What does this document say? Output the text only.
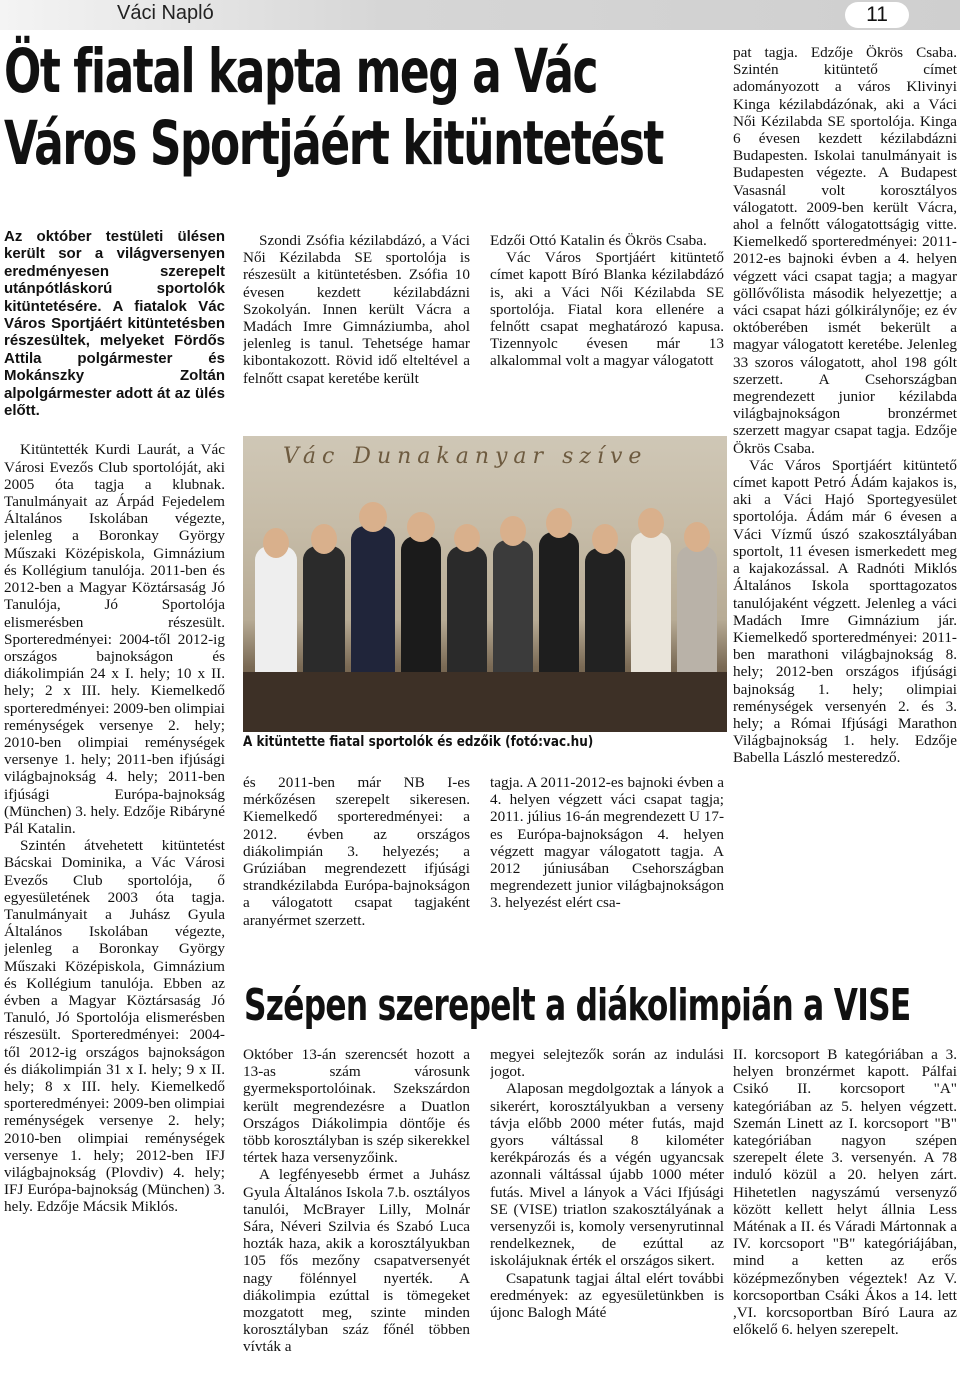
Váci Napló	11
Öt fiatal kapta meg a Vác
Város Sportjáért kitüntetést

Az október testületi ülésen került sor a világversenyen eredményesen szerepelt utánpótláskorú sportolók kitüntetésére. A fiatalok Vác Város Sportjáért kitüntetésben részesültek, melyeket Fördős Attila polgármester és Mokánszky Zoltán alpolgármester adott át az ülés előtt.

Kitüntették Kurdi Laurát, a Vác Városi Evezős Club sportolóját, aki 2005 óta tagja a klubnak. Tanulmányait az Árpád Fejedelem Általános Iskolában végezte, jelenleg a Boronkay György Műszaki Középiskola, Gimnázium és Kollégium tanulója. 2011-ben és 2012-ben a Magyar Köztársaság Jó Tanulója, Jó Sportolója elismerésben részesült. Sporteredményei: 2004-től 2012-ig országos bajnokságon és diákolimpián 24 x I. hely; 10 x II. hely; 2 x III. hely. Kiemelkedő sporteredményei: 2009-ben olimpiai reménységek versenye 2. hely; 2010-ben olimpiai reménységek versenye 1. hely; 2011-ben ifjúsági világbajnokság 4. hely; 2011-ben ifjúsági Európa-bajnokság (München) 3. hely. Edzője Ribáryné Pál Katalin.

Szintén átvehetett kitüntetést Bácskai Dominika, a Vác Városi Evezős Club sportolója, ő egyesületének 2003 óta tagja. Tanulmányait a Juhász Gyula Általános Iskolában végezte, jelenleg a Boronkay György Műszaki Középiskola, Gimnázium és Kollégium tanulója. Ebben az évben a Magyar Köztársaság Jó Tanuló, Jó Sportolója elismerésben részesült. Sporteredményei: 2004-től 2012-ig országos bajnokságon és diákolimpián 31 x I. hely; 9 x II. hely; 8 x III. hely. Kiemelkedő sporteredményei: 2009-ben olimpiai reménységek versenye 2. hely; 2010-ben olimpiai reménységek versenye 1. hely; 2012-ben IFJ világbajnokság (Plovdiv) 4. hely; IFJ Európa-bajnokság (München) 3. hely. Edzője Mácsik Miklós.

Szondi Zsófia kézilabdázó, a Váci Női Kézilabda SE sportolója is részesült a kitüntetésben. Zsófia 10 évesen kezdett kézilabdázni Szokolyán. Innen került Vácra a Madách Imre Gimnáziumba, ahol jelenleg is tanul. Tehetsége hamar kibontakozott. Rövid idő elteltével a felnőtt csapat keretébe került

Edzői Ottó Katalin és Ökrös Csaba.

Vác Város Sportjáért kitüntető címet kapott Bíró Blanka kézilabdázó is, aki a Váci Női Kézilabda SE sportolója. Fiatal kora ellenére a felnőtt csapat meghatározó kapusa. Tizennyolc évesen már 13 alkalommal volt a magyar válogatott

Vác Dunakanyar szíve
A kitüntette fiatal sportolók és edzőik (fotó:vac.hu)

és 2011-ben már NB I-es mérkőzésen szerepelt sikeresen. Kiemelkedő sporteredményei: a 2012. évben az országos diákolimpián 3. helyezés; a Grúziában megrendezett ifjúsági strandkézilabda Európa-bajnokságon a válogatott csapat tagjaként aranyérmet szerzett.

tagja. A 2011-2012-es bajnoki évben a 4. helyen végzett váci csapat tagja; 2011. július 16-án megrendezett U 17-es Európa-bajnokságon 4. helyen végzett magyar válogatott tagja. A 2012 júniusában Csehországban megrendezett junior világbajnokságon 3. helyezést elért csa-

pat tagja. Edzője Ökrös Csaba. Szintén kitüntető címet adományozott a város Klivinyi Kinga kézilabdázónak, aki a Váci Női Kézilabda SE sportolója. Kinga 6 évesen kezdett kézilabdázni Budapesten. Iskolai tanulmányait is Budapesten végezte. A Budapest Vasasnál volt korosztályos válogatott. 2009-ben került Vácra, ahol a felnőtt válogatottságig vitte. Kiemelkedő sporteredményei: 2011-2012-es bajnoki évben a 4. helyen végzett váci csapat tagja; a magyar göllővőlista második helyezettje; a váci csapat házi gólkirálynője; ez év októberében ismét bekerült a magyar válogatott keretébe. Jelenleg 33 szoros válogatott, ahol 198 gólt szerzett. A Csehországban megrendezett junior kézilabda világbajnokságon bronzérmet szerzett magyar csapat tagja. Edzője Ökrös Csaba.

Vác Város Sportjáért kitüntető címet kapott Petró Ádám kajakos is, aki a Váci Hajó Sportegyesület sportolója. Ádám már 6 évesen a Váci Vízmű úszó szakosztályában sportolt, 11 évesen ismerkedett meg a kajakozással. A Radnóti Miklós Általános Iskola sporttagozatos tanulójaként végzett. Jelenleg a váci Madách Imre Gimnázium jár. Kiemelkedő sporteredményei: 2011-ben marathoni világbajnokság 8. hely; 2012-ben országos ifjúsági bajnokság 1. hely; olimpiai reménységek versenyén 2. és 3. hely; a Római Ifjúsági Marathon Világbajnokság 1. hely. Edzője Babella László mesteredző.

Szépen szerepelt a diákolimpián a VISE

Október 13-án szerencsét hozott a 13-as szám városunk gyermeksportolóinak. Szekszárdon került megrendezésre a Duatlon Országos Diákolimpia döntője és több korosztályban is szép sikerekkel tértek haza versenyzőink.

A legfényesebb érmet a Juhász Gyula Általános Iskola 7.b. osztályos tanulói, McBrayer Lilly, Molnár Sára, Néveri Szilvia és Szabó Luca hozták haza, akik a korosztályukban 105 fős mezőny csapatversenyét nagy fölénnyel nyerték. A diákolimpia ezúttal is tömegeket mozgatott meg, szinte minden korosztályban száz főnél többen vívták a

megyei selejtezők során az indulási jogot.

Alaposan megdolgoztak a lányok a sikerért, korosztályukban a verseny távja előbb 2000 méter futás, majd gyors váltással 8 kilométer kerékpározás és a végén ugyancsak azonnali váltással újabb 1000 méter futás. Mivel a lányok a Váci Ifjúsági SE (VISE) triatlon szakosztályának a versenyzői is, komoly versenyrutinnal rendelkeznek, de ezúttal az iskolájuknak érték el országos sikert.

Csapatunk tagjai által elért további eredmények: az egyesületünkben is újonc Balogh Máté

II. korcsoport B kategóriában a 3. helyen bronzérmet kapott. Pálfai Csikó II. korcsoport "A" kategóriában az 5. helyen végzett. Szemán Linett az I. korcsoport "B" kategóriában nagyon szépen szerepelt élete 3. versenyén. A 78 induló közül a 20. helyen zárt. Hihetetlen nagyszámú versenyző között kellett helyt állnia Less Máténak a II. és Váradi Mártonnak a IV. korcsoport "B" kategóriájában, mind a ketten az erős középmezőnyben végeztek! Az V. korcsoportban Csáki Ákos a 14. lett ,VI. korcsoportban Bíró Laura az előkelő 6. helyen szerepelt.
